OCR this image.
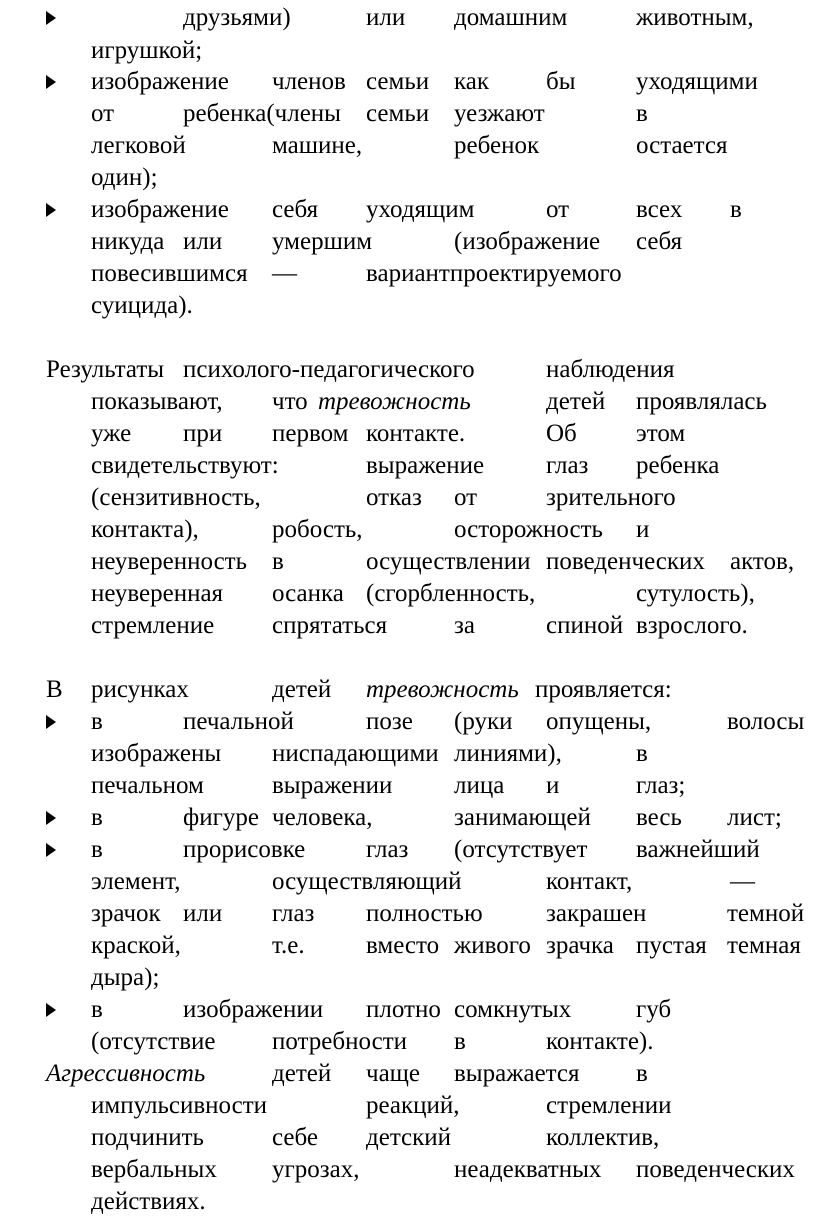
друзьями)	или домашним	животным,
игрушкой;
изображение членов семьи как бы уходящими
от	ребенка(члены семьи уезжают	в
легковой	машине,	ребенок	остается
один);
изображение себя уходящим	от	всех в
никуда или умершим	(изображение себя
повесившимся —	вариантпроектируемого
суицида).
Результаты психолого-педагогического	наблюдения
показывают, что тревожность	детей проявлялась
уже при первом контакте.	Об этом
свидетельствуют:	выражение глаз ребенка
(сензитивность,	отказ от	зрительного
контакта),	робость,	осторожность и
неуверенность в	осуществлении поведенческих актов,
неуверенная осанка (сгорбленность,	сутулость),
стремление спрятаться	за	спиной взрослого.
В рисунках	детей тревожность проявляется:
в	печальной	позе (руки опущены,	волосы
изображены ниспадающими линиями),	в
печальном	выражении лица и	глаз;
в	фигуре человека,	занимающей весь лист;
в	прорисовке глаз (отсутствует важнейший
элемент,	осуществляющий	контакт,	—
зрачок или глаз полностью	закрашен	темной
краской,	т.е. вместо живого зрачка пустая темная
дыра);
в	изображении плотно сомкнутых	губ
(отсутствие потребности в	контакте).
Агрессивность	детей чаще выражается в
импульсивности	реакций,	стремлении
подчинить	себе детский	коллектив,
вербальных угрозах,	неадекватных поведенческих
действиях.
